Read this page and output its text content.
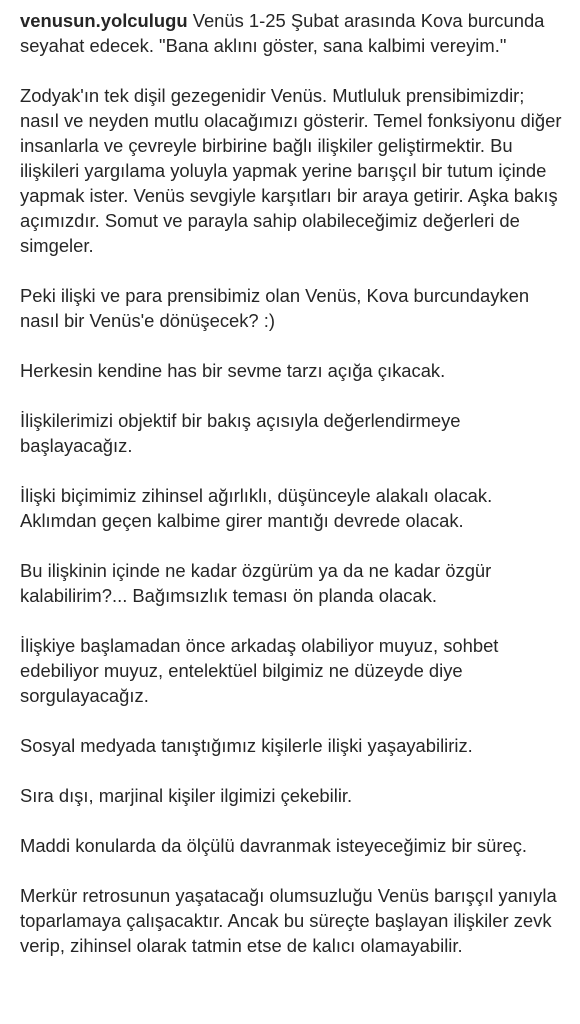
venusun.yolculugu Venüs 1-25 Şubat arasında Kova burcunda seyahat edecek. "Bana aklını göster, sana kalbimi vereyim."

Zodyak'ın tek dişil gezegenidir Venüs. Mutluluk prensibimizdir; nasıl ve neyden mutlu olacağımızı gösterir. Temel fonksiyonu diğer insanlarla ve çevreyle birbirine bağlı ilişkiler geliştirmektir. Bu ilişkileri yargılama yoluyla yapmak yerine barışçıl bir tutum içinde yapmak ister. Venüs sevgiyle karşıtları bir araya getirir. Aşka bakış açımızdır. Somut ve parayla sahip olabileceğimiz değerleri de simgeler.

Peki ilişki ve para prensibimiz olan Venüs, Kova burcundayken nasıl bir Venüs'e dönüşecek? :)

Herkesin kendine has bir sevme tarzı açığa çıkacak.

İlişkilerimizi objektif bir bakış açısıyla değerlendirmeye başlayacağız.

İlişki biçimimiz zihinsel ağırlıklı, düşünceyle alakalı olacak. Aklımdan geçen kalbime girer mantığı devrede olacak.

Bu ilişkinin içinde ne kadar özgürüm ya da ne kadar özgür kalabilirim?... Bağımsızlık teması ön planda olacak.

İlişkiye başlamadan önce arkadaş olabiliyor muyuz, sohbet edebiliyor muyuz, entelektüel bilgimiz ne düzeyde diye sorgulayacağız.

Sosyal medyada tanıştığımız kişilerle ilişki yaşayabiliriz.

Sıra dışı, marjinal kişiler ilgimizi çekebilir.

Maddi konularda da ölçülü davranmak isteyeceğimiz bir süreç.

Merkür retrosunun yaşatacağı olumsuzluğu Venüs barışçıl yanıyla toparlamaya çalışacaktır. Ancak bu süreçte başlayan ilişkiler zevk verip, zihinsel olarak tatmin etse de kalıcı olamayabilir.
